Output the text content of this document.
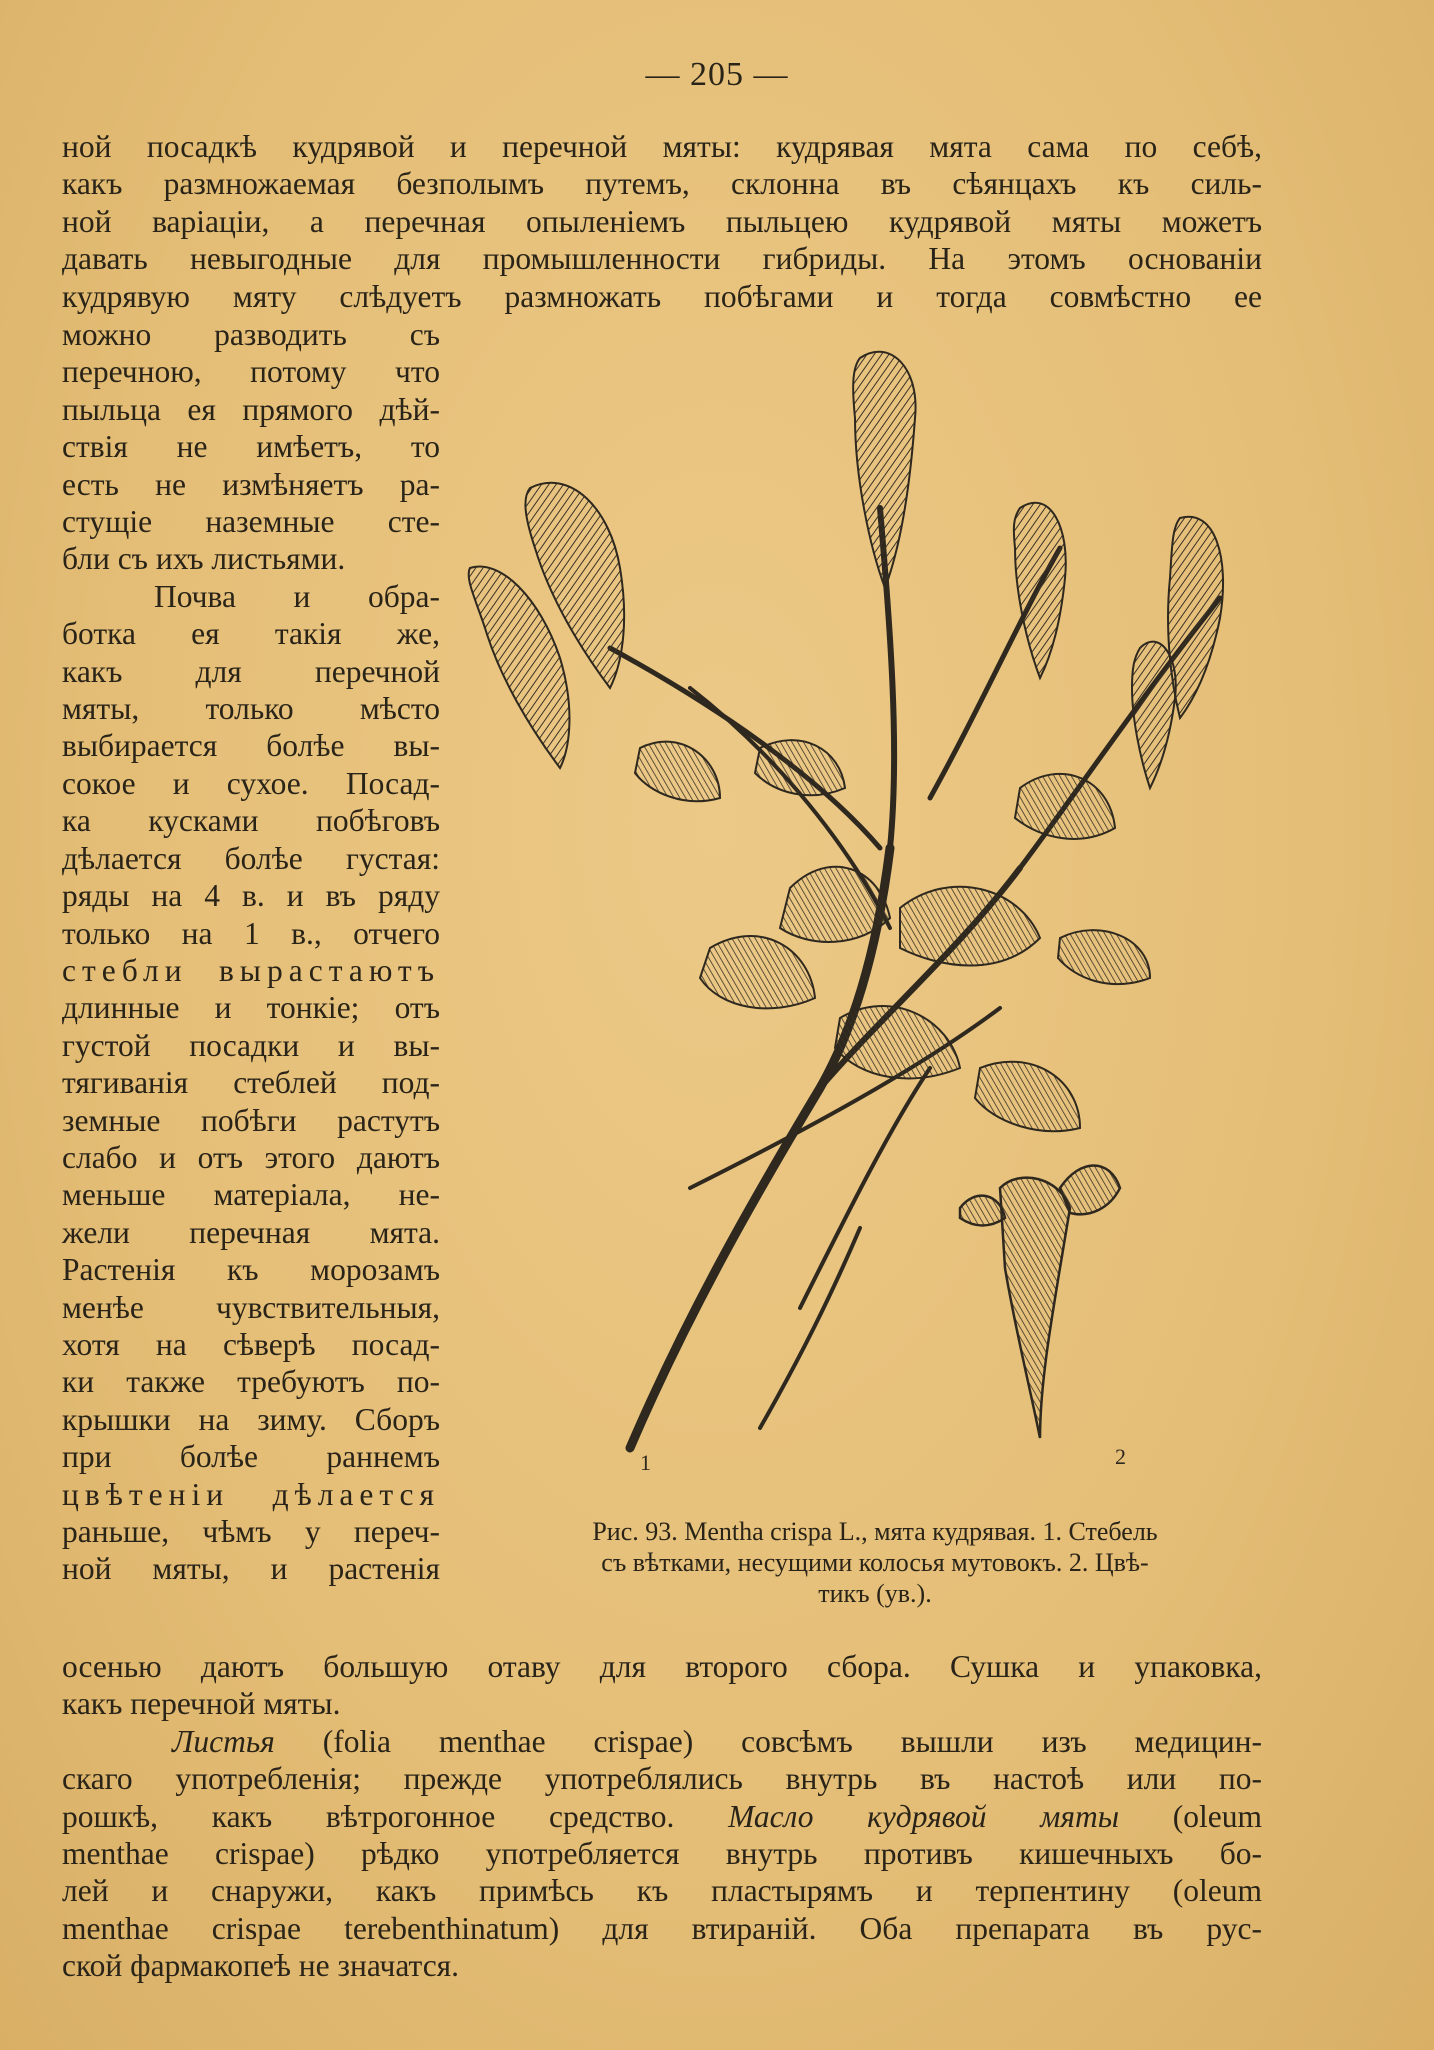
— 205 —
ной посадкѣ кудрявой и перечной мяты: кудрявая мята сама по себѣ,
какъ размножаемая безполымъ путемъ, склонна въ сѣянцахъ къ силь-
ной варіаціи, а перечная опыленіемъ пыльцею кудрявой мяты можетъ
давать невыгодные для промышленности гибриды. На этомъ основаніи
кудрявую мяту слѣдуетъ размножать побѣгами и тогда совмѣстно ее
можно разводить съ
перечною, потому что
пыльца ея прямого дѣй-
ствія не имѣетъ, то
есть не измѣняетъ ра-
стущіе наземные сте-
бли съ ихъ листьями.
Почва и обра-
ботка ея такія же,
какъ для перечной
мяты, только мѣсто
выбирается болѣе вы-
сокое и сухое. Посад-
ка кусками побѣговъ
дѣлается болѣе густая:
ряды на 4 в. и въ ряду
только на 1 в., отчего
стебли вырастаютъ
длинные и тонкіе; отъ
густой посадки и вы-
тягиванія стеблей под-
земные побѣги растутъ
слабо и отъ этого даютъ
меньше матеріала, не-
жели перечная мята.
Растенія къ морозамъ
менѣе чувствительныя,
хотя на сѣверѣ посад-
ки также требуютъ по-
крышки на зиму. Сборъ
при болѣе раннемъ
цвѣтеніи дѣлается
раньше, чѣмъ у переч-
ной мяты, и растенія
1	2
Рис. 93. Mentha crispa L., мята кудрявая. 1. Стебель
съ вѣтками, несущими колосья мутовокъ. 2. Цвѣ-
тикъ (ув.).
осенью даютъ большую отаву для второго сбора. Сушка и упаковка,
какъ перечной мяты.
Листья (folia menthae crispae) совсѣмъ вышли изъ медицин-
скаго употребленія; прежде употреблялись внутрь въ настоѣ или по-
рошкѣ, какъ вѣтрогонное средство. Масло кудрявой мяты (oleum
menthae crispae) рѣдко употребляется внутрь противъ кишечныхъ бо-
лей и снаружи, какъ примѣсь къ пластырямъ и терпентину (oleum
menthae crispae terebenthinatum) для втираній. Оба препарата въ рус-
ской фармакопеѣ не значатся.
